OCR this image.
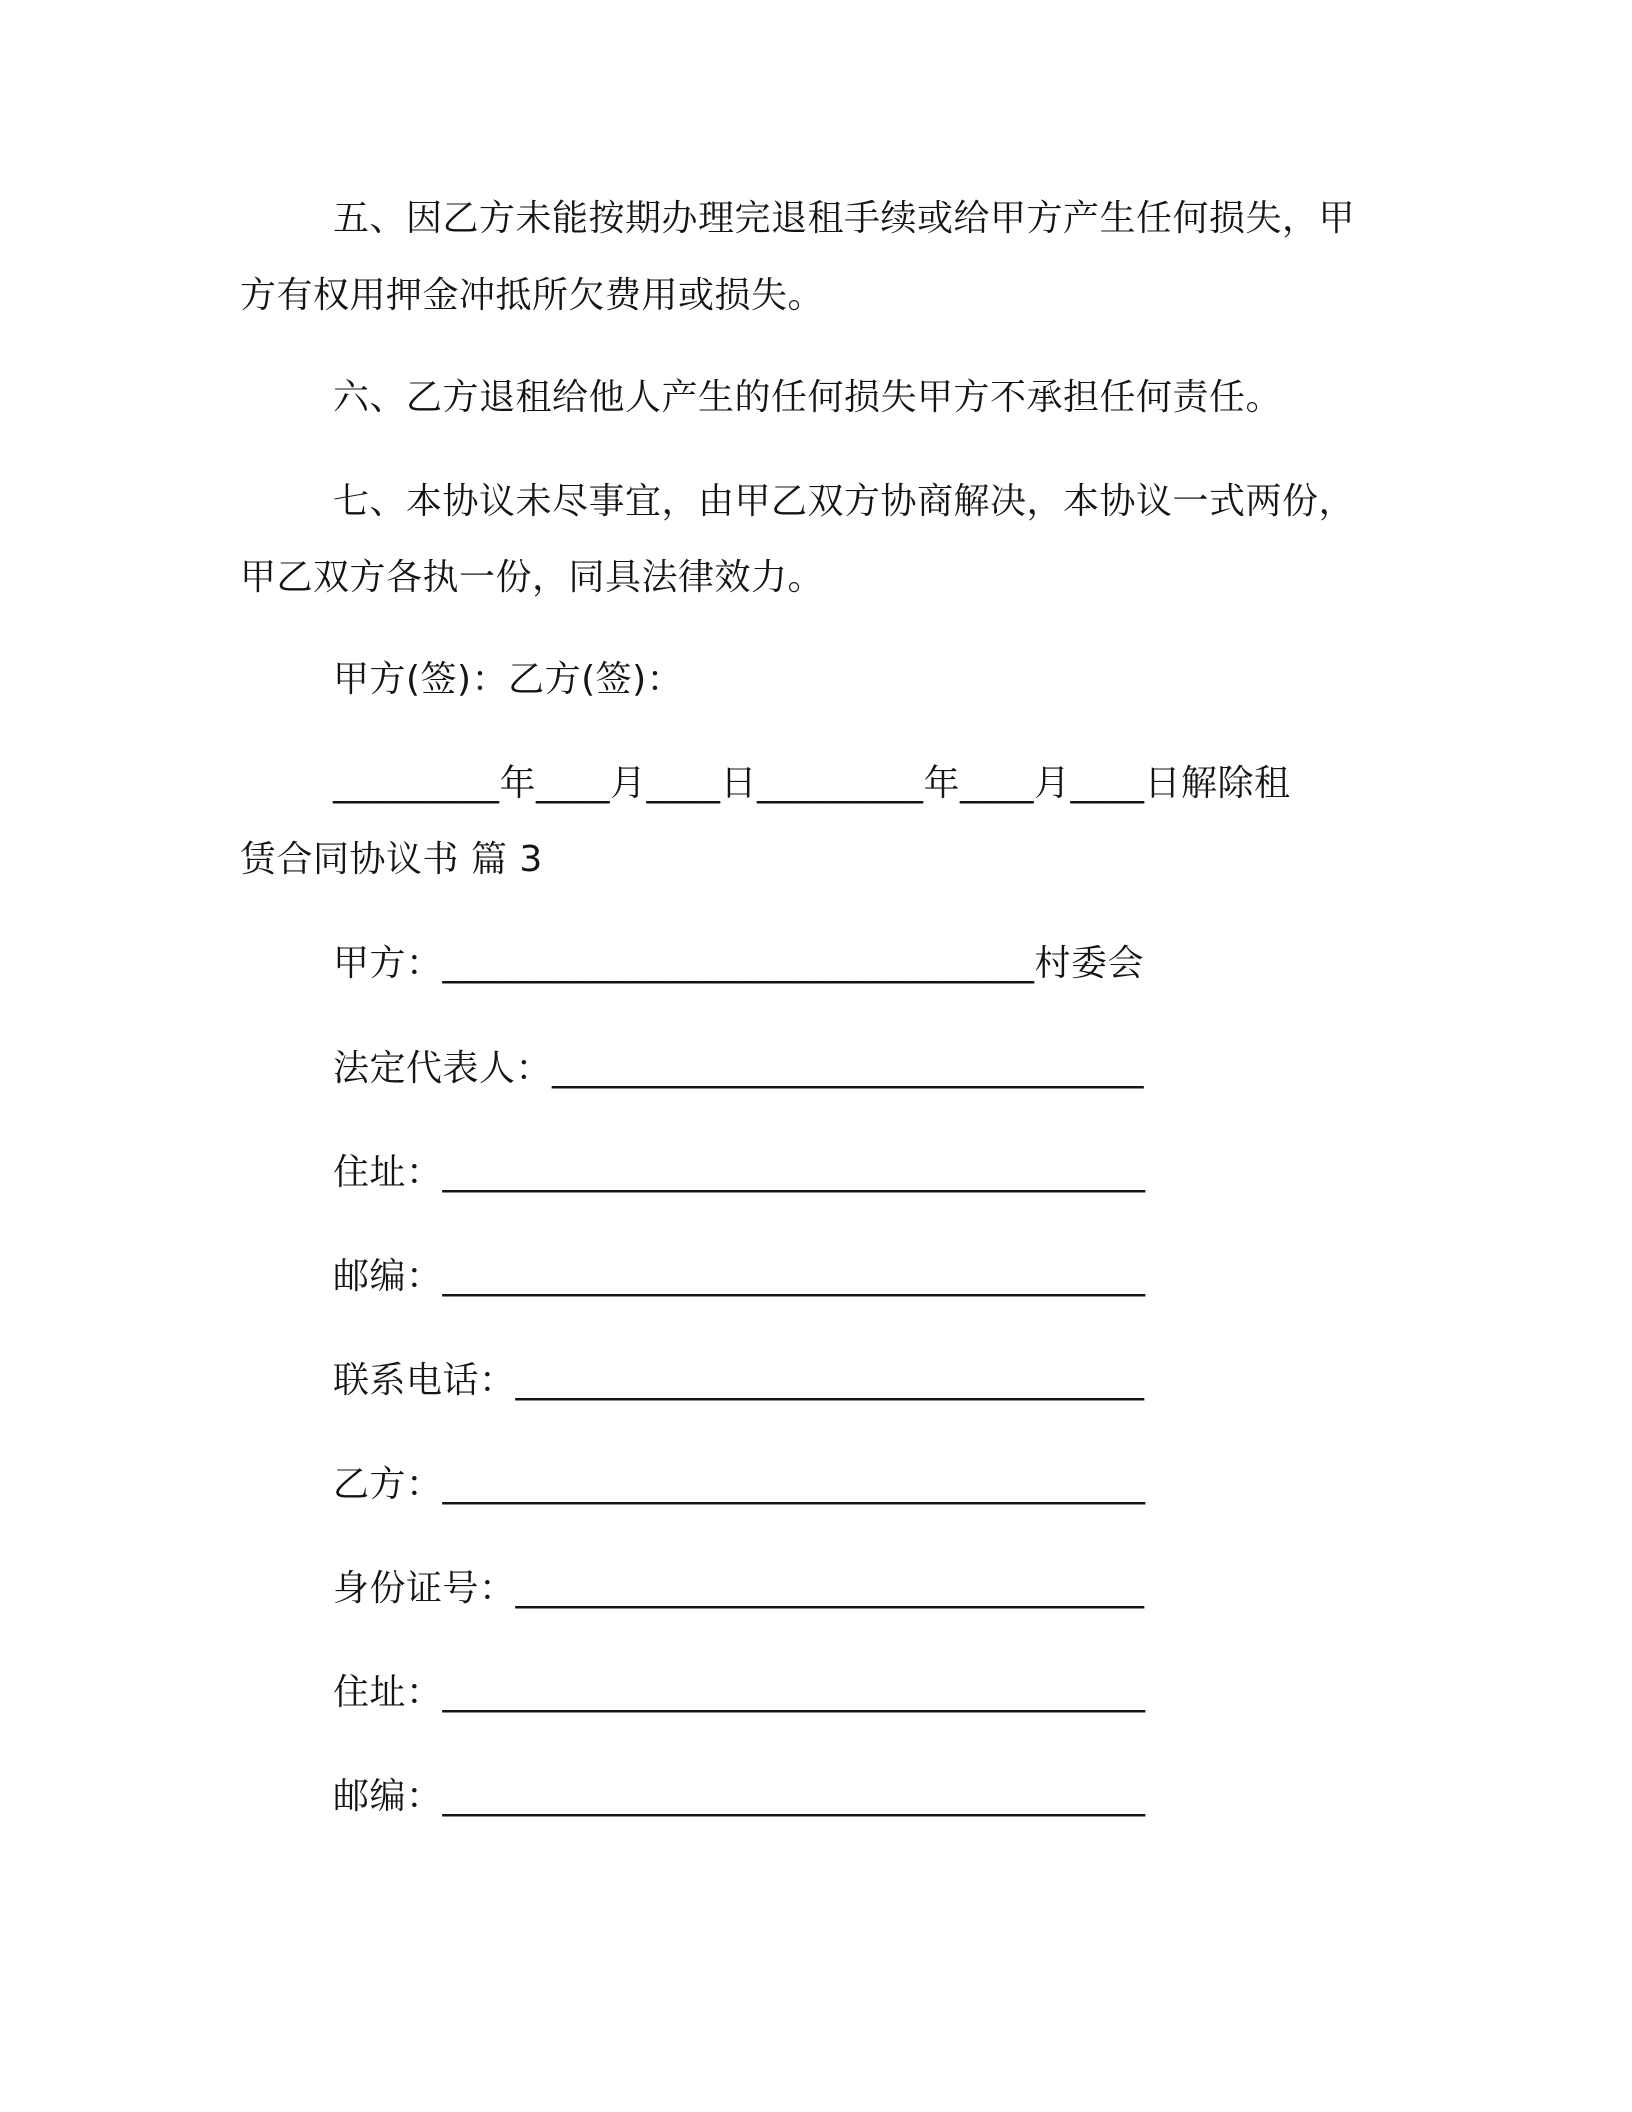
五、因乙方未能按期办理完退租手续或给甲方产生任何损失，甲
方有权用押金冲抵所欠费用或损失。
六、乙方退租给他人产生的任何损失甲方不承担任何责任。
七、本协议未尽事宜，由甲乙双方协商解决，本协议一式两份，
甲乙双方各执一份，同具法律效力。
甲方(签)：乙方(签)：
_________年____月____日_________年____月____日解除租
赁合同协议书 篇 3
甲方：________________________________村委会
法定代表人：________________________________
住址：______________________________________
邮编：______________________________________
联系电话：__________________________________
乙方：______________________________________
身份证号：__________________________________
住址：______________________________________
邮编：______________________________________
